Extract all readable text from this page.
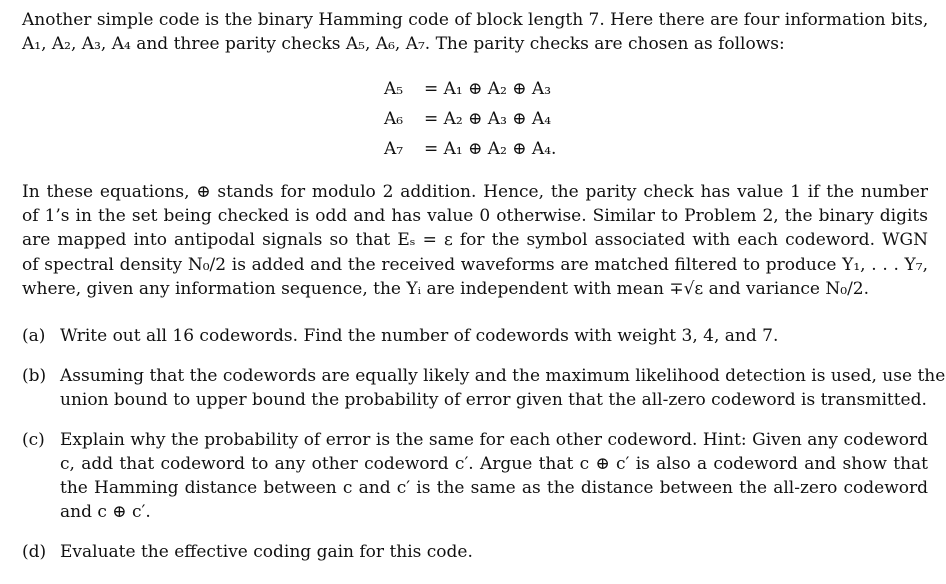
Another simple code is the binary Hamming code of block length 7. Here there are four information bits,
A₁, A₂, A₃, A₄ and three parity checks A₅, A₆, A₇. The parity checks are chosen as follows:
A₅ = A₁ ⊕ A₂ ⊕ A₃
A₆ = A₂ ⊕ A₃ ⊕ A₄
A₇ = A₁ ⊕ A₂ ⊕ A₄.
In these equations, ⊕ stands for modulo 2 addition. Hence, the parity check has value 1 if the number
of 1’s in the set being checked is odd and has value 0 otherwise. Similar to Problem 2, the binary digits
are mapped into antipodal signals so that Eₛ = ε for the symbol associated with each codeword. WGN
of spectral density N₀/2 is added and the received waveforms are matched filtered to produce Y₁, . . . Y₇,
where, given any information sequence, the Yᵢ are independent with mean ∓√ε and variance N₀/2.
(a) Write out all 16 codewords. Find the number of codewords with weight 3, 4, and 7.
(b) Assuming that the codewords are equally likely and the maximum likelihood detection is used, use the
union bound to upper bound the probability of error given that the all-zero codeword is transmitted.
(c) Explain why the probability of error is the same for each other codeword. Hint: Given any codeword
c, add that codeword to any other codeword c′. Argue that c ⊕ c′ is also a codeword and show that
the Hamming distance between c and c′ is the same as the distance between the all-zero codeword
and c ⊕ c′.
(d) Evaluate the effective coding gain for this code.
